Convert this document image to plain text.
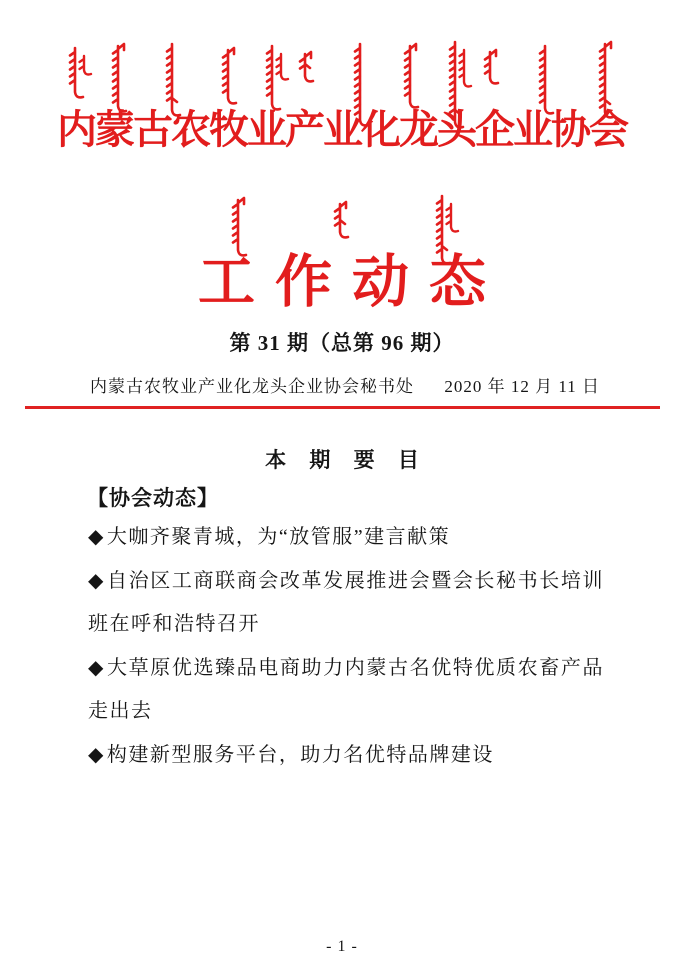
内蒙古农牧业产业化龙头企业协会
工作动态
第 31 期（总第 96 期）
内蒙古农牧业产业化龙头企业协会秘书处 2020 年 12 月 11 日
本 期 要 目
【协会动态】
◆ 大咖齐聚青城，为“放管服”建言献策
◆ 自治区工商联商会改革发展推进会暨会长秘书长培训班在呼和浩特召开
◆ 大草原优选臻品电商助力内蒙古名优特优质农畜产品走出去
◆ 构建新型服务平台，助力名优特品牌建设
- 1 -
